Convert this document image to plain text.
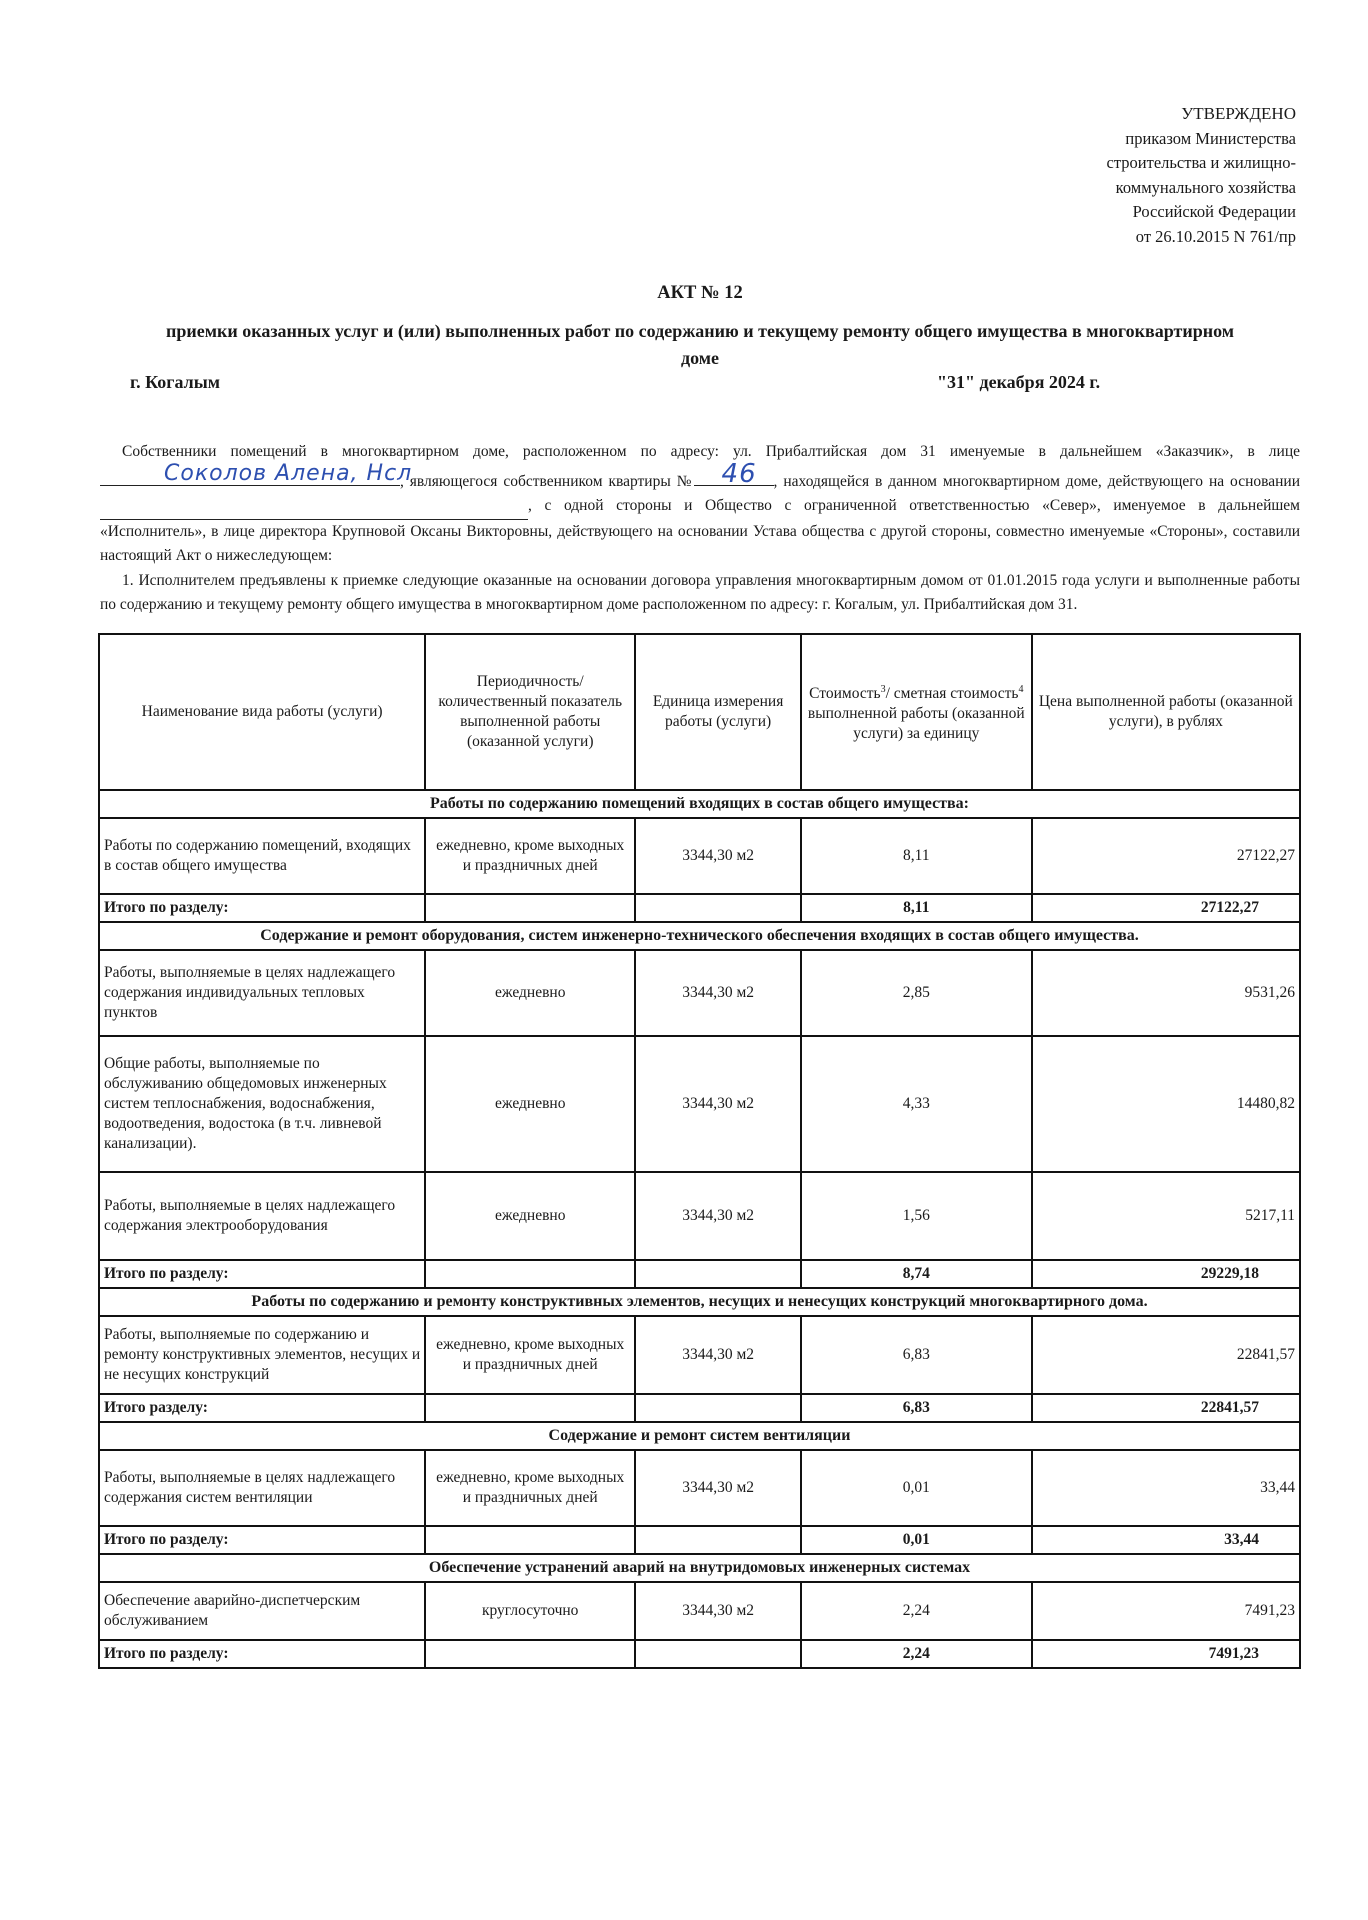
УТВЕРЖДЕНО
приказом Министерства
строительства и жилищно-
коммунального хозяйства
Российской Федерации
от 26.10.2015 N 761/пр

АКТ № 12

приемки оказанных услуг и (или) выполненных работ по содержанию и текущему ремонту общего имущества в многоквартирном доме

г. Когалым	"31" декабря 2024 г.

Собственники помещений в многоквартирном доме, расположенном по адресу: ул. Прибалтийская дом 31 именуемые в дальнейшем «Заказчик», в лице
Соколов Алена, Нсл
, являющегося собственником квартиры №	46 , находящейся в данном многоквартирном доме, действующего на основании  , с одной стороны и Общество с ограниченной ответственностью «Север», именуемое в дальнейшем «Исполнитель», в лице директора Крупновой Оксаны Викторовны, действующего на основании Устава общества с другой стороны, совместно именуемые «Стороны», составили настоящий Акт о нижеследующем:

1. Исполнителем предъявлены к приемке следующие оказанные на основании договора управления многоквартирным домом от 01.01.2015 года услуги и выполненные работы по содержанию и текущему ремонту общего имущества в многоквартирном доме расположенном по адресу: г. Когалым, ул. Прибалтийская дом 31.

Наименование вида работы (услуги)	Периодичность/ количественный показатель выполненной работы (оказанной услуги)	Единица измерения работы (услуги)	Стоимость$^3$/ сметная стоимость$^4$ выполненной работы (оказанной услуги) за единицу	Цена выполненной работы (оказанной услуги), в рублях
Работы по содержанию помещений входящих в состав общего имущества:				
Работы по содержанию помещений, входящих в состав общего имущества	ежедневно, кроме выходных и праздничных дней	3344,30 м2	8,11	27122,27
Итого по разделу:			8,11	27122,27
Содержание и ремонт оборудования, систем инженерно-технического обеспечения входящих в состав общего имущества.				
Работы, выполняемые в целях надлежащего содержания индивидуальных тепловых пунктов	ежедневно	3344,30 м2	2,85	9531,26
Общие работы, выполняемые по обслуживанию общедомовых инженерных систем теплоснабжения, водоснабжения, водоотведения, водостока (в т.ч. ливневой канализации).	ежедневно	3344,30 м2	4,33	14480,82
Работы, выполняемые в целях надлежащего содержания электрооборудования	ежедневно	3344,30 м2	1,56	5217,11
Итого по разделу:			8,74	29229,18
Работы по содержанию и ремонту конструктивных элементов, несущих и ненесущих конструкций многоквартирного дома.				
Работы, выполняемые по содержанию и ремонту конструктивных элементов, несущих и не несущих конструкций	ежедневно, кроме выходных и праздничных дней	3344,30 м2	6,83	22841,57
Итого разделу:			6,83	22841,57
Содержание и ремонт систем вентиляции				
Работы, выполняемые в целях надлежащего содержания систем вентиляции	ежедневно, кроме выходных и праздничных дней	3344,30 м2	0,01	33,44
Итого по разделу:			0,01	33,44
Обеспечение устранений аварий на внутридомовых инженерных системах				
Обеспечение аварийно-диспетчерским обслуживанием	круглосуточно	3344,30 м2	2,24	7491,23
Итого по разделу:			2,24	7491,23
